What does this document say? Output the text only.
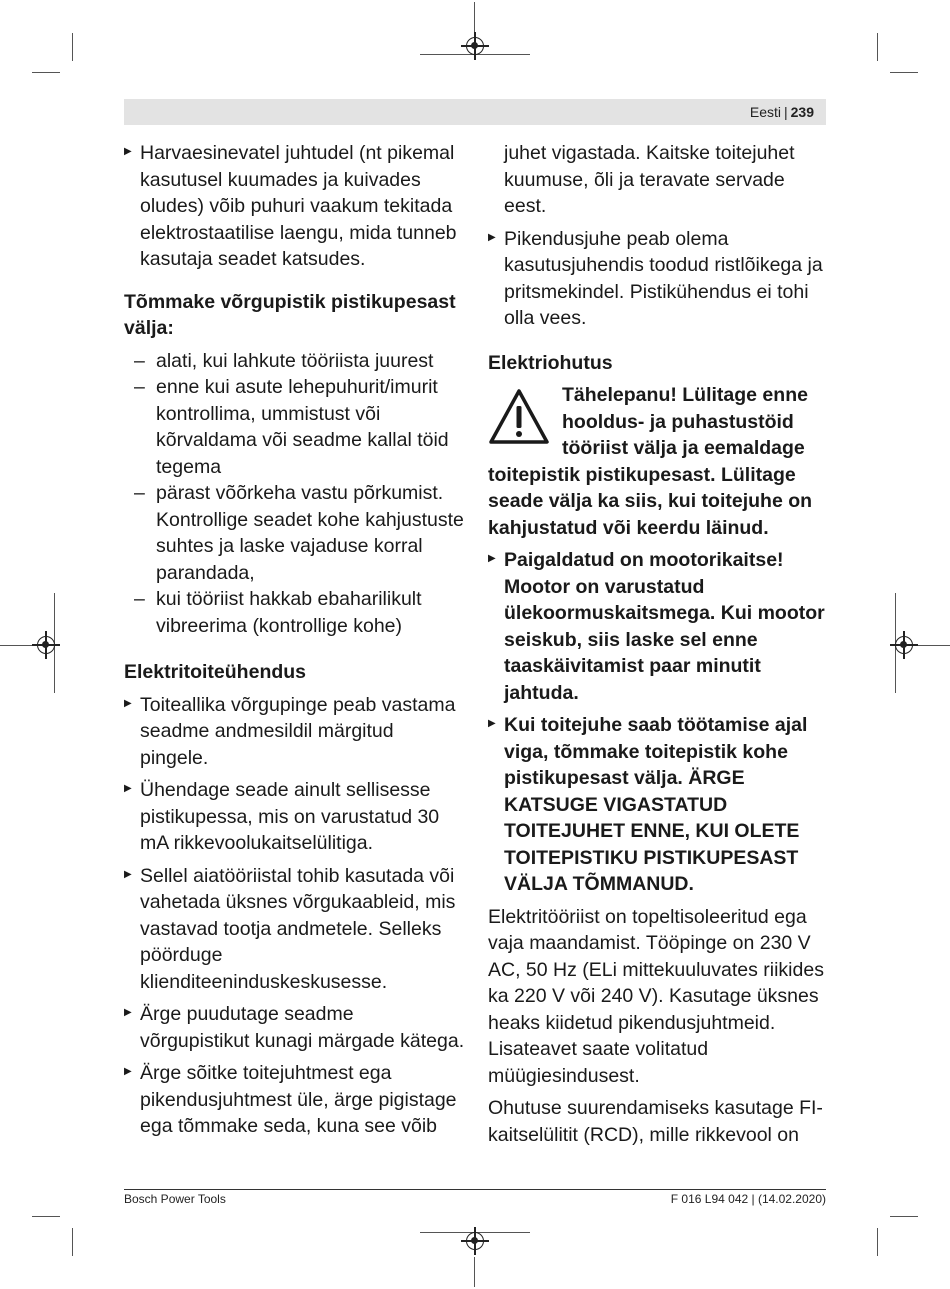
Eesti | 239

▶ Harvaesinevatel juhtudel (nt pikemal kasutusel kuumades ja kuivades oludes) võib puhuri vaakum tekitada elektrostaatilise laengu, mida tunneb kasutaja seadet katsudes.

Tõmmake võrgupistik pistikupesast välja:

– alati, kui lahkute tööriista juurest
– enne kui asute lehepuhurit/imurit kontrollima, ummistust või kõrvaldama või seadme kallal töid tegema
– pärast võõrkeha vastu põrkumist. Kontrollige seadet kohe kahjustuste suhtes ja laske vajaduse korral parandada,
– kui tööriist hakkab ebaharilikult vibreerima (kontrollige kohe)

Elektritoiteühendus

▶ Toiteallika võrgupinge peab vastama seadme andmesildil märgitud pingele.

▶ Ühendage seade ainult sellisesse pistikupessa, mis on varustatud 30 mA rikkevoolukaitselülitiga.

▶ Sellel aiatööriistal tohib kasutada või vahetada üksnes võrgukaableid, mis vastavad tootja andmetele. Selleks pöörduge klienditeeninduskeskusesse.

▶ Ärge puudutage seadme võrgupistikut kunagi märgade kätega.

▶ Ärge sõitke toitejuhtmest ega pikendusjuhtmest üle, ärge pigistage ega tõmmake seda, kuna see võib

juhet vigastada. Kaitske toitejuhet kuumuse, õli ja teravate servade eest.

▶ Pikendusjuhe peab olema kasutusjuhendis toodud ristlõikega ja pritsmekindel. Pistikühendus ei tohi olla vees.

Elektriohutus

Tähelepanu! Lülitage enne hooldus- ja puhastustöid tööriist välja ja eemaldage toitepistik pistikupesast. Lülitage seade välja ka siis, kui toitejuhe on kahjustatud või keerdu läinud.

▶ Paigaldatud on mootorikaitse! Mootor on varustatud ülekoormuskaitsmega. Kui mootor seiskub, siis laske sel enne taaskäivitamist paar minutit jahtuda.

▶ Kui toitejuhe saab töötamise ajal viga, tõmmake toitepistik kohe pistikupesast välja. ÄRGE KATSUGE VIGASTATUD TOITEJUHET ENNE, KUI OLETE TOITEPISTIKU PISTIKUPESAST VÄLJA TÕMMANUD.

Elektritööriist on topeltisoleeritud ega vaja maandamist. Tööpinge on 230 V AC, 50 Hz (ELi mittekuuluvates riikides ka 220 V või 240 V). Kasutage üksnes heaks kiidetud pikendusjuhtmeid. Lisateavet saate volitatud müügiesindusest.

Ohutuse suurendamiseks kasutage FI-kaitselülitit (RCD), mille rikkevool on

Bosch Power Tools	F 016 L94 042 | (14.02.2020)
